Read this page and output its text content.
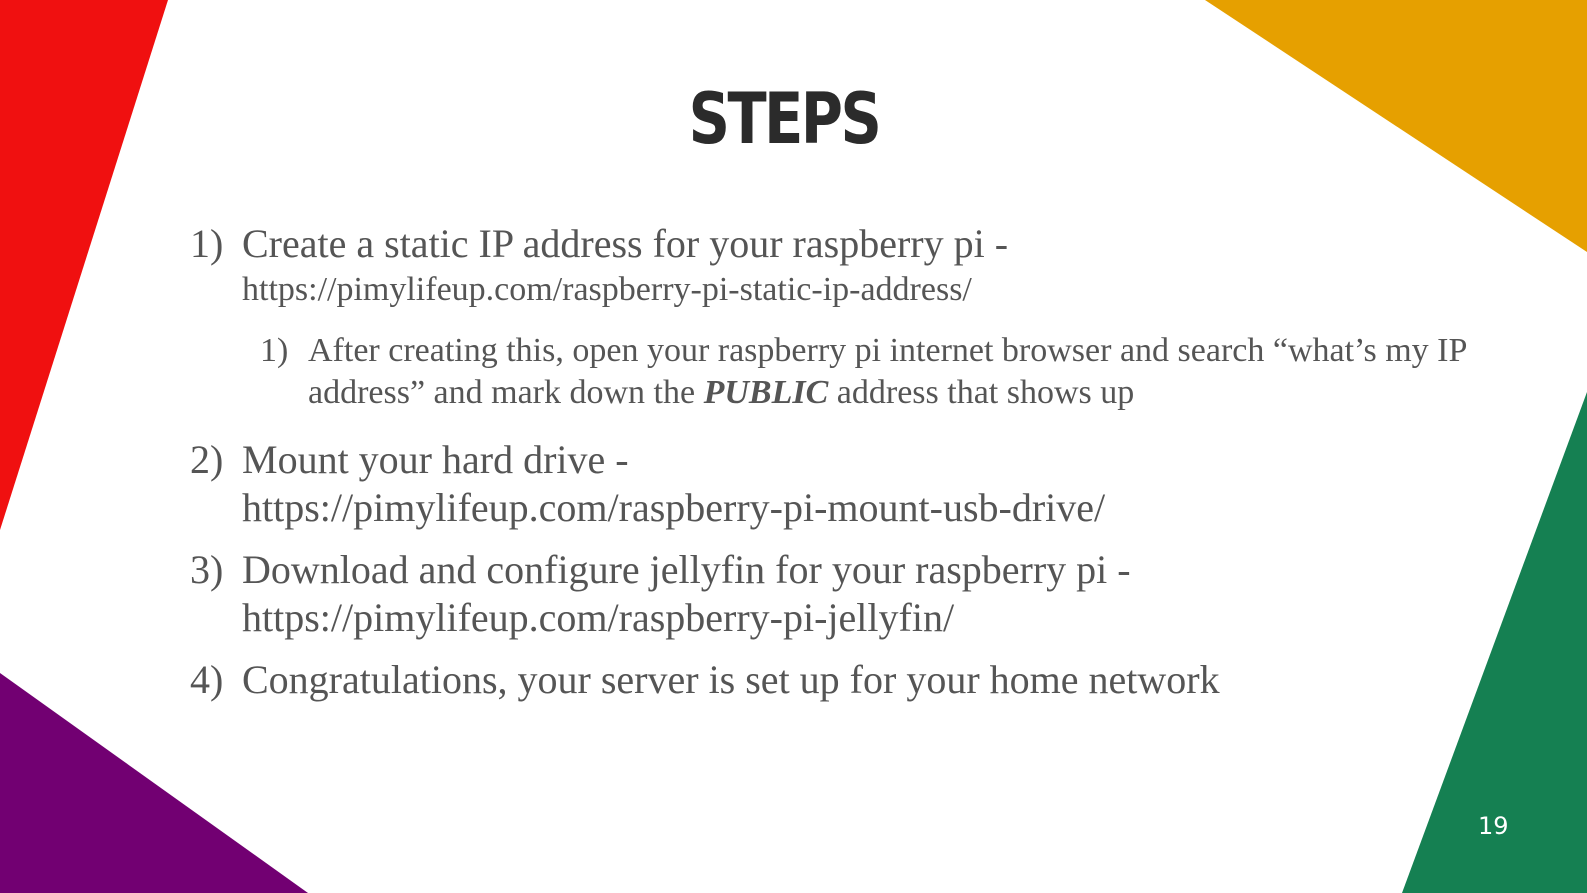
STEPS
1) Create a static IP address for your raspberry pi -
https://pimylifeup.com/raspberry-pi-static-ip-address/
1) After creating this, open your raspberry pi internet browser and search “what’s my IP address” and mark down the PUBLIC address that shows up
2) Mount your hard drive -
https://pimylifeup.com/raspberry-pi-mount-usb-drive/
3) Download and configure jellyfin for your raspberry pi -
https://pimylifeup.com/raspberry-pi-jellyfin/
4) Congratulations, your server is set up for your home network
19
